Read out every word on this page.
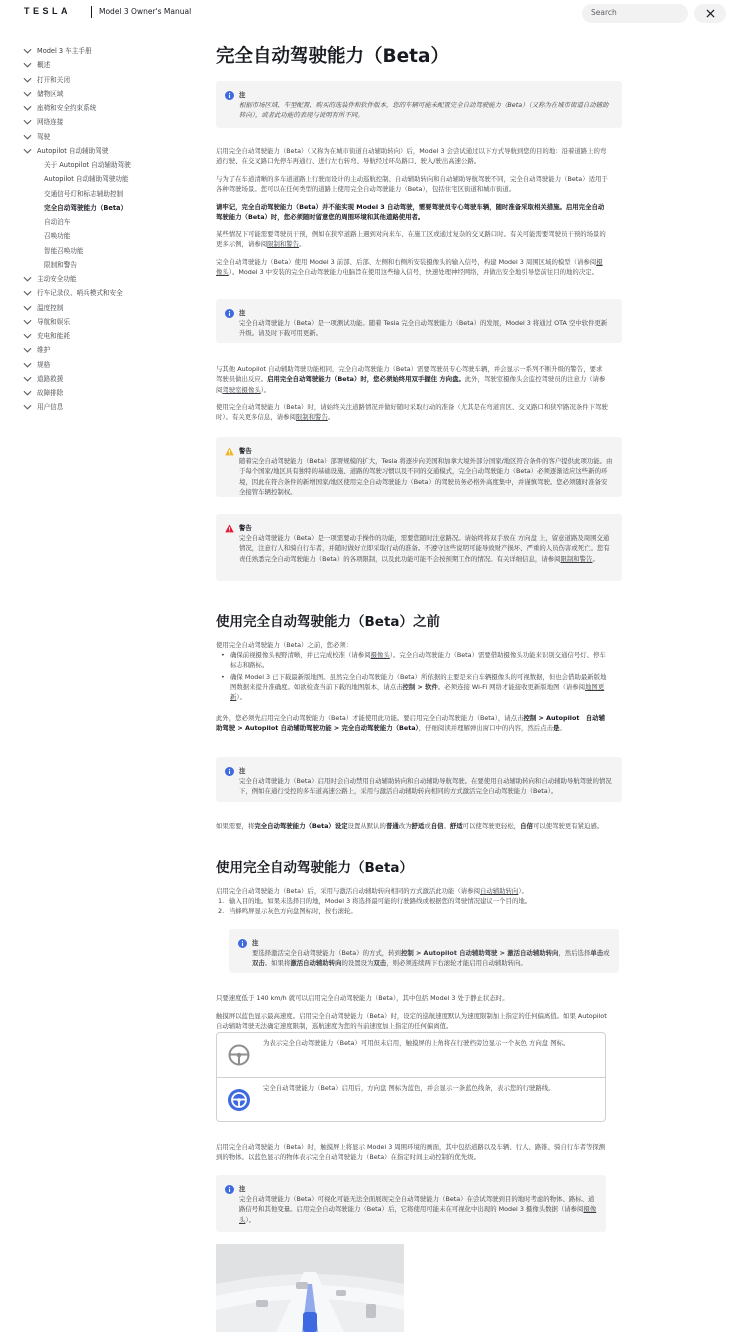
TESLA	Model 3 Owner's Manual	Search
Model 3 车主手册
概述
打开和关闭
储物区域
座椅和安全约束系统
网络连接
驾驶
Autopilot 自动辅助驾驶
关于 Autopilot 自动辅助驾驶
Autopilot 自动辅助驾驶功能
交通信号灯和标志辅助控制
完全自动驾驶能力（Beta）
自动泊车
召唤功能
智能召唤功能
限制和警告
主动安全功能
行车记录仪、哨兵模式和安全
温度控制
导航和娱乐
充电和能耗
维护
规格
道路救援
故障排除
用户信息
完全自动驾驶能力（Beta）
注
根据市场区域、车型配置、购买的选装件和软件版本，您的车辆可能未配置完全自动驾驶能力（Beta）（又称为在城市街道自动辅助转向），或者此功能的表现与说明有所不同。
启用完全自动驾驶能力（Beta）（又称为在城市街道自动辅助转向）后，Model 3 会尝试通过以下方式导航到您的目的地：沿着道路上的弯道行驶、在交叉路口先停车再通行、进行左右转弯、导航经过环岛路口、驶入/驶出高速公路。
与为了在车道清晰的多车道道路上行驶而设计的主动巡航控制、自动辅助转向和自动辅助导航驾驶不同，完全自动驾驶能力（Beta）适用于各种驾驶场景。您可以在任何类型的道路上使用完全自动驾驶能力（Beta），包括住宅区街道和城市街道。
请牢记，完全自动驾驶能力（Beta）并不能实现 Model 3 自动驾驶，需要驾驶员专心驾驶车辆，随时准备采取相关措施。启用完全自动驾驶能力（Beta）时，您必须随时留意您的周围环境和其他道路使用者。
某些情况下可能需要驾驶员干预，例如在狭窄道路上遇到对向来车、在施工区或通过复杂的交叉路口时。有关可能需要驾驶员干预的场景的更多示例，请参阅限制和警告。
完全自动驾驶能力（Beta）使用 Model 3 前部、后部、左侧和右侧所安装摄像头的输入信号，构建 Model 3 周围区域的模型（请参阅摄像头）。Model 3 中安装的完全自动驾驶能力电脑旨在使用这些输入信号，快速处理神经网络，并做出安全地引导您前往目的地的决定。
注
完全自动驾驶能力（Beta）是一项测试功能。随着 Tesla 完全自动驾驶能力（Beta）的发展，Model 3 将通过 OTA 空中软件更新升级。请及时下载可用更新。
与其他 Autopilot 自动辅助驾驶功能相同，完全自动驾驶能力（Beta）需要驾驶员专心驾驶车辆，并会显示一系列不断升级的警告，要求驾驶员做出反应。启用完全自动驾驶能力（Beta）时，您必须始终用双手握住 方向盘。此外，驾驶室摄像头会监控驾驶员的注意力（请参阅驾驶室摄像头）。
使用完全自动驾驶能力（Beta）时，请始终关注道路情况并做好随时采取行动的准备（尤其是在弯道盲区、交叉路口和狭窄路况条件下驾驶时）。有关更多信息，请参阅限制和警告。
警告
随着完全自动驾驶能力（Beta）部署规模的扩大，Tesla 将逐步向美国和加拿大境外部分国家/地区符合条件的客户提供此项功能。由于每个国家/地区具有独特的基础设施、道路的驾驶习惯以及不同的交通模式，完全自动驾驶能力（Beta）必须逐渐适应这些新的环境，因此在符合条件的新增国家/地区使用完全自动驾驶能力（Beta）的驾驶员务必格外高度集中，并谨慎驾驶。您必须随时准备安全接管车辆控制权。
警告
完全自动驾驶能力（Beta）是一项需要动手操作的功能，需要您随时注意路况。请始终将双手放在 方向盘 上，留意道路及周围交通情况，注意行人和骑自行车者，并随时做好立即采取行动的准备。不遵守这些说明可能导致财产损坏、严重的人员伤害或死亡。您有责任熟悉完全自动驾驶能力（Beta）的各项限制，以及此功能可能不会按预期工作的情况。有关详细信息，请参阅限制和警告。
使用完全自动驾驶能力（Beta）之前
使用完全自动驾驶能力（Beta）之前，您必须：
• 确保前视摄像头视野清晰，并已完成校准（请参阅摄像头）。完全自动驾驶能力（Beta）需要借助摄像头功能来识别交通信号灯、停车标志和路标。
• 确保 Model 3 已下载最新版地图。虽然完全自动驾驶能力（Beta）所依据的主要是来自车辆摄像头的可视数据，但也会借助最新版地图数据来提升准确度。如欲检查当前下载的地图版本，请点击控制 > 软件。必须连接 Wi-Fi 网络才能接收更新版地图（请参阅地图更新）。
此外，您必须先启用完全自动驾驶能力（Beta）才能使用此功能。要启用完全自动驾驶能力（Beta），请点击控制 > Autopilot　自动辅助驾驶 > Autopilot 自动辅助驾驶功能 > 完全自动驾驶能力（Beta），仔细阅读并理解弹出窗口中的内容，然后点击是。
注
完全自动驾驶能力（Beta）启用时会自动禁用自动辅助转向和自动辅助导航驾驶。在要使用自动辅助转向和自动辅助导航驾驶的情况下，例如在通行受控的多车道高速公路上，采用与激活自动辅助转向相同的方式激活完全自动驾驶能力（Beta）。
如果需要，将完全自动驾驶能力（Beta）设定设置从默认的普通改为舒适或自信。舒适可以使驾驶更轻松，自信可以使驾驶更有紧迫感。
使用完全自动驾驶能力（Beta）
启用完全自动驾驶能力（Beta）后，采用与激活自动辅助转向相同的方式激活此功能（请参阅自动辅助转向）。
1. 输入目的地。如果未选择目的地，Model 3 将选择最可能的行驶路线或根据您的驾驶情况建议一个目的地。
2. 当蜂鸣屏显示灰色方向盘图标时，按右滚轮。
注
要选择激活完全自动驾驶能力（Beta）的方式，转到控制 > Autopilot 自动辅助驾驶 > 激活自动辅助转向，然后选择单击或双击。如果将激活自动辅助转向的设置设为双击，则必须连续两下右滚轮才能启用自动辅助转向。
只要速度低于 140 km/h 就可以启用完全自动驾驶能力（Beta），其中包括 Model 3 处于静止状态时。
触摸屏以蓝色显示最高速度。启用完全自动驾驶能力（Beta）时，设定的巡航速度默认为速度限制加上指定的任何偏离值。如果 Autopilot 自动辅助驾驶无法确定速度限制，巡航速度为您的当前速度加上指定的任何偏离值。
为表示完全自动驾驶能力（Beta）可用但未启用，触摸屏的上角将在行驶档旁边显示一个灰色 方向盘 图标。
完全自动驾驶能力（Beta）启用后，方向盘 图标为蓝色，并会显示一条蓝色线条，表示您的行驶路线。
启用完全自动驾驶能力（Beta）时，触摸屏上将显示 Model 3 周围环境的画面，其中包括道路以及车辆、行人、路锥、骑自行车者等探测到的物体。以蓝色显示的物体表示完全自动驾驶能力（Beta）在指定时间主动控制的优先级。
注
完全自动驾驶能力（Beta）可视化可能无法全面展现完全自动驾驶能力（Beta）在尝试驾驶到目的地时考虑的物体、路标、道路信号和其他变量。启用完全自动驾驶能力（Beta）后，它将使用可能未在可视化中出现的 Model 3 摄像头数据（请参阅摄像头）。
